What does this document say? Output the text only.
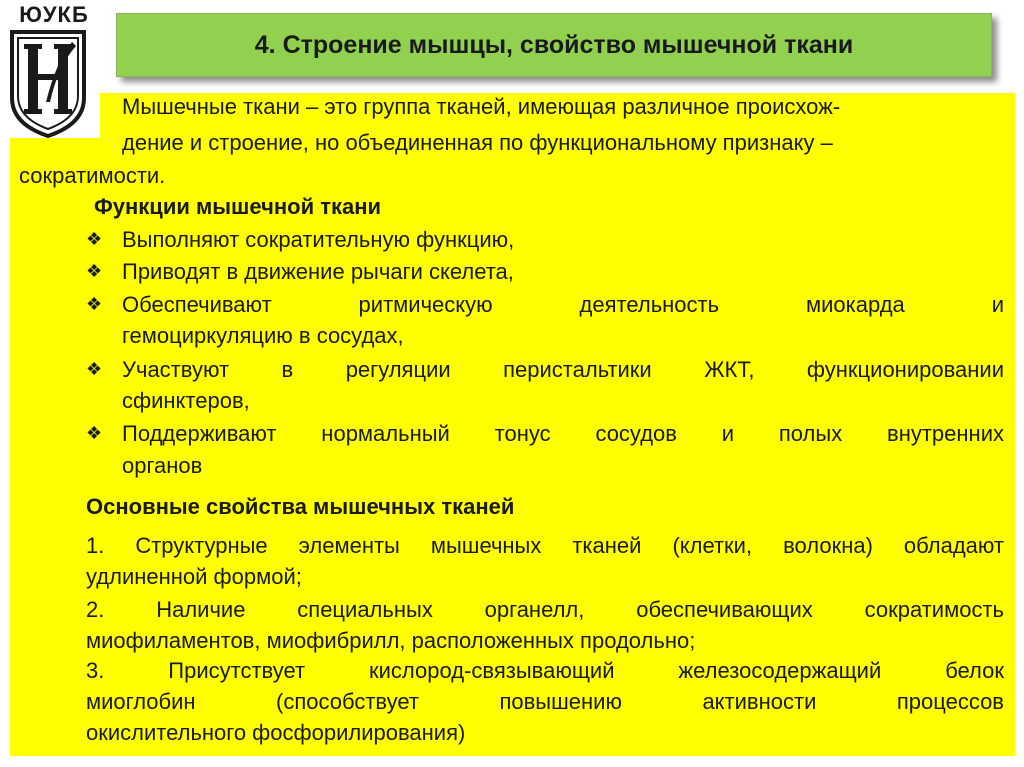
ЮУКБ
4. Строение мышцы, свойство мышечной ткани
Мышечные ткани – это группа тканей, имеющая различное происхож-
дение и строение, но объединенная по функциональному признаку –
сократимости.
Функции мышечной ткани
❖ Выполняют сократительную функцию,
❖ Приводят в движение рычаги скелета,
❖ Обеспечивают ритмическую деятельность миокарда и
гемоциркуляцию в сосудах,
❖ Участвуют в регуляции перистальтики ЖКТ, функционировании
сфинктеров,
❖ Поддерживают нормальный тонус сосудов и полых внутренних
органов
Основные свойства мышечных тканей
1. Структурные элементы мышечных тканей (клетки, волокна) обладают
удлиненной формой;
2. Наличие специальных органелл, обеспечивающих сократимость
миофиламентов, миофибрилл, расположенных продольно;
3. Присутствует кислород-связывающий железосодержащий белок
миоглобин (способствует повышению активности процессов
окислительного фосфорилирования)
